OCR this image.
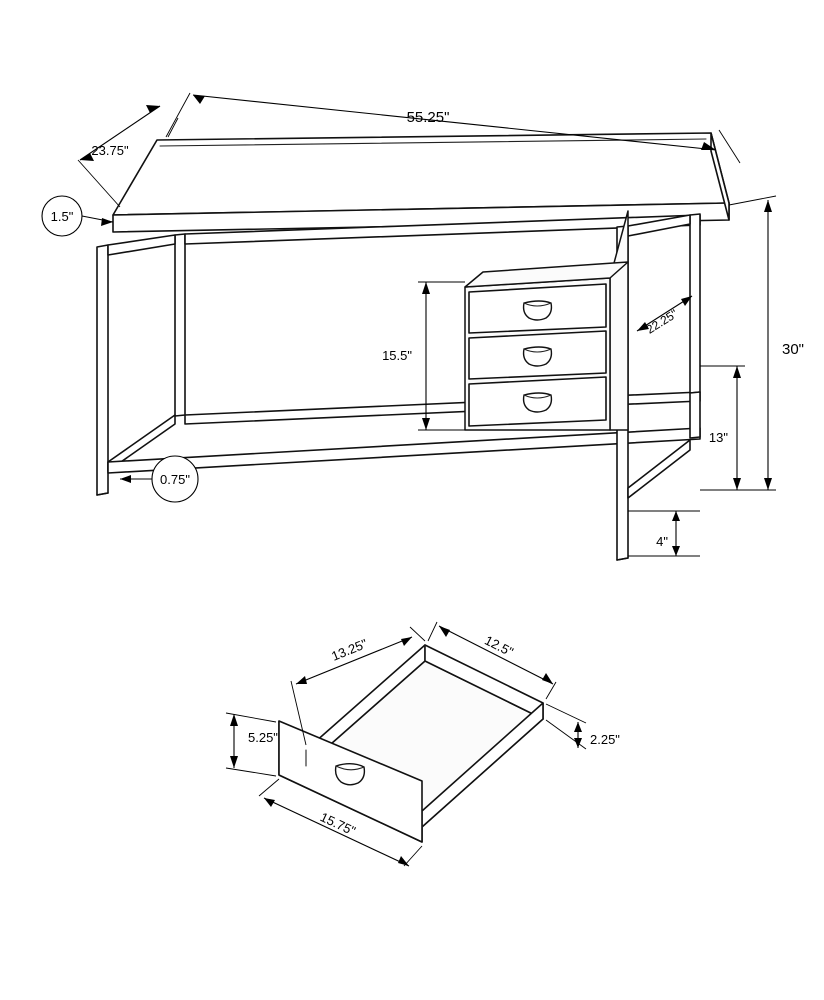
55.25"
23.75"
1.5"
30"
15.5"
22.25"
13"
4"
0.75"
13.25"	12.5"
5.25"	2.25"
15.75"
